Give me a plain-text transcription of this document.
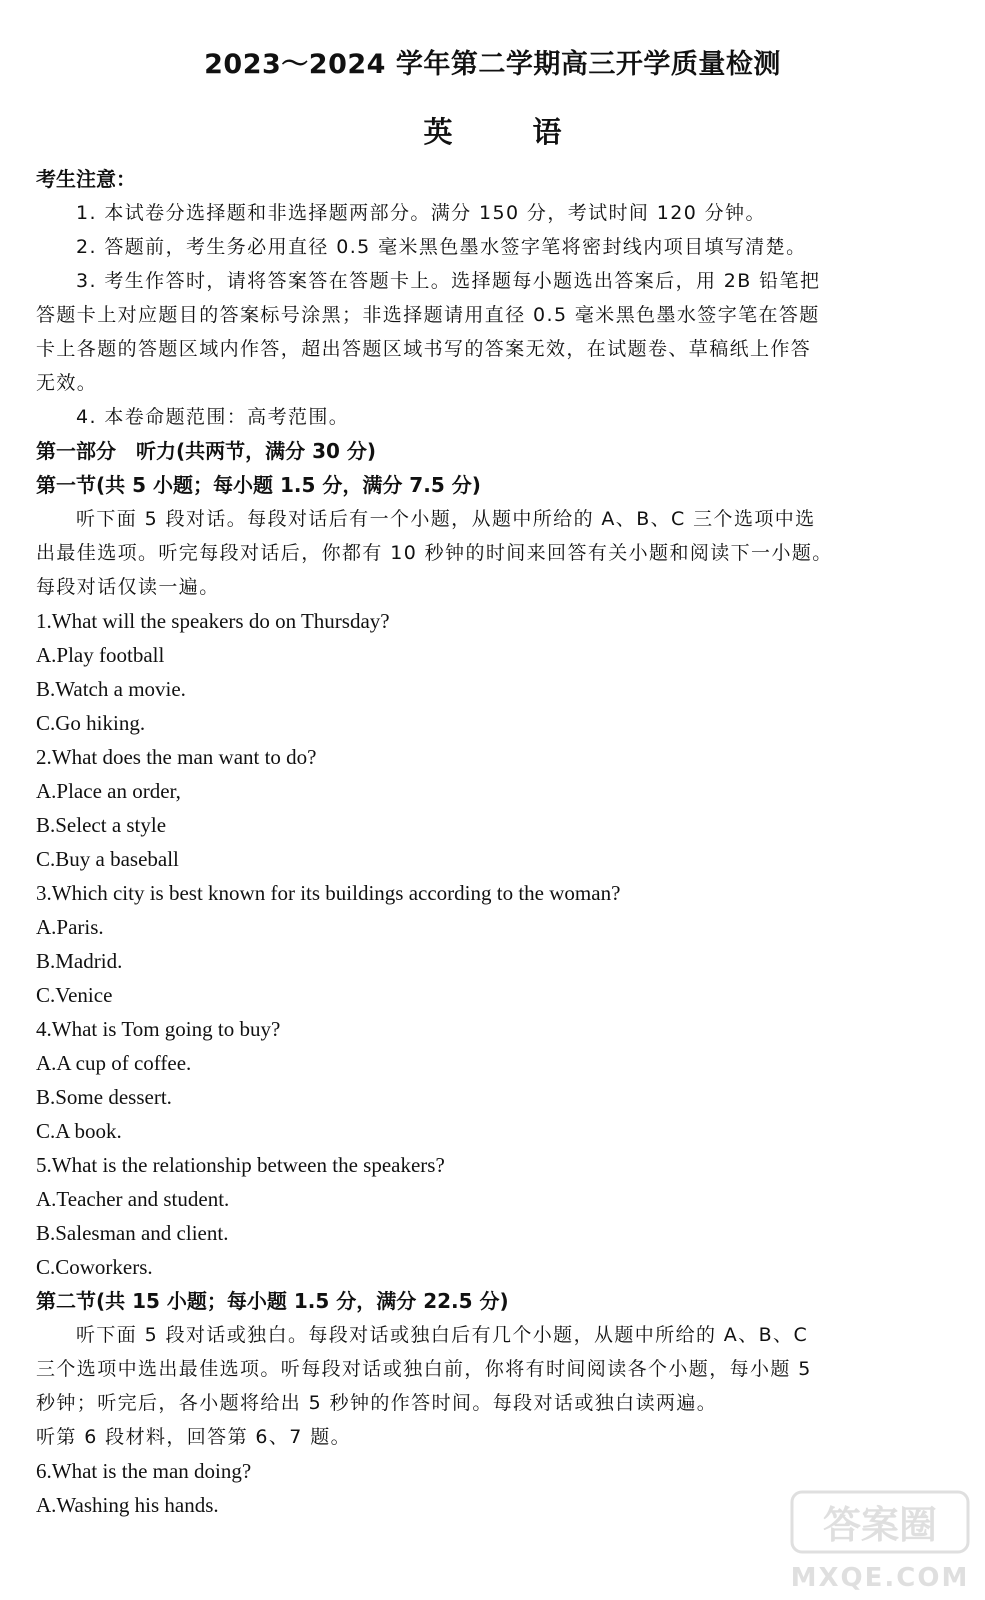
2023～2024 学年第二学期高三开学质量检测
英	语
考生注意：
1. 本试卷分选择题和非选择题两部分。满分 150 分，考试时间 120 分钟。
2. 答题前，考生务必用直径 0.5 毫米黑色墨水签字笔将密封线内项目填写清楚。
3. 考生作答时，请将答案答在答题卡上。选择题每小题选出答案后，用 2B 铅笔把
答题卡上对应题目的答案标号涂黑；非选择题请用直径 0.5 毫米黑色墨水签字笔在答题
卡上各题的答题区域内作答，超出答题区域书写的答案无效，在试题卷、草稿纸上作答
无效。
4. 本卷命题范围：高考范围。
第一部分　听力(共两节，满分 30 分)
第一节(共 5 小题；每小题 1.5 分，满分 7.5 分)
听下面 5 段对话。每段对话后有一个小题，从题中所给的 A、B、C 三个选项中选
出最佳选项。听完每段对话后，你都有 10 秒钟的时间来回答有关小题和阅读下一小题。
每段对话仅读一遍。
1.What will the speakers do on Thursday?
A.Play football
B.Watch a movie.
C.Go hiking.
2.What does the man want to do?
A.Place an order,
B.Select a style
C.Buy a baseball
3.Which city is best known for its buildings according to the woman?
A.Paris.
B.Madrid.
C.Venice
4.What is Tom going to buy?
A.A cup of coffee.
B.Some dessert.
C.A book.
5.What is the relationship between the speakers?
A.Teacher and student.
B.Salesman and client.
C.Coworkers.
第二节(共 15 小题；每小题 1.5 分，满分 22.5 分)
听下面 5 段对话或独白。每段对话或独白后有几个小题，从题中所给的 A、B、C
三个选项中选出最佳选项。听每段对话或独白前，你将有时间阅读各个小题，每小题 5
秒钟；听完后，各小题将给出 5 秒钟的作答时间。每段对话或独白读两遍。
听第 6 段材料，回答第 6、7 题。
6.What is the man doing?
A.Washing his hands.	答案圈
MXQE.COM
